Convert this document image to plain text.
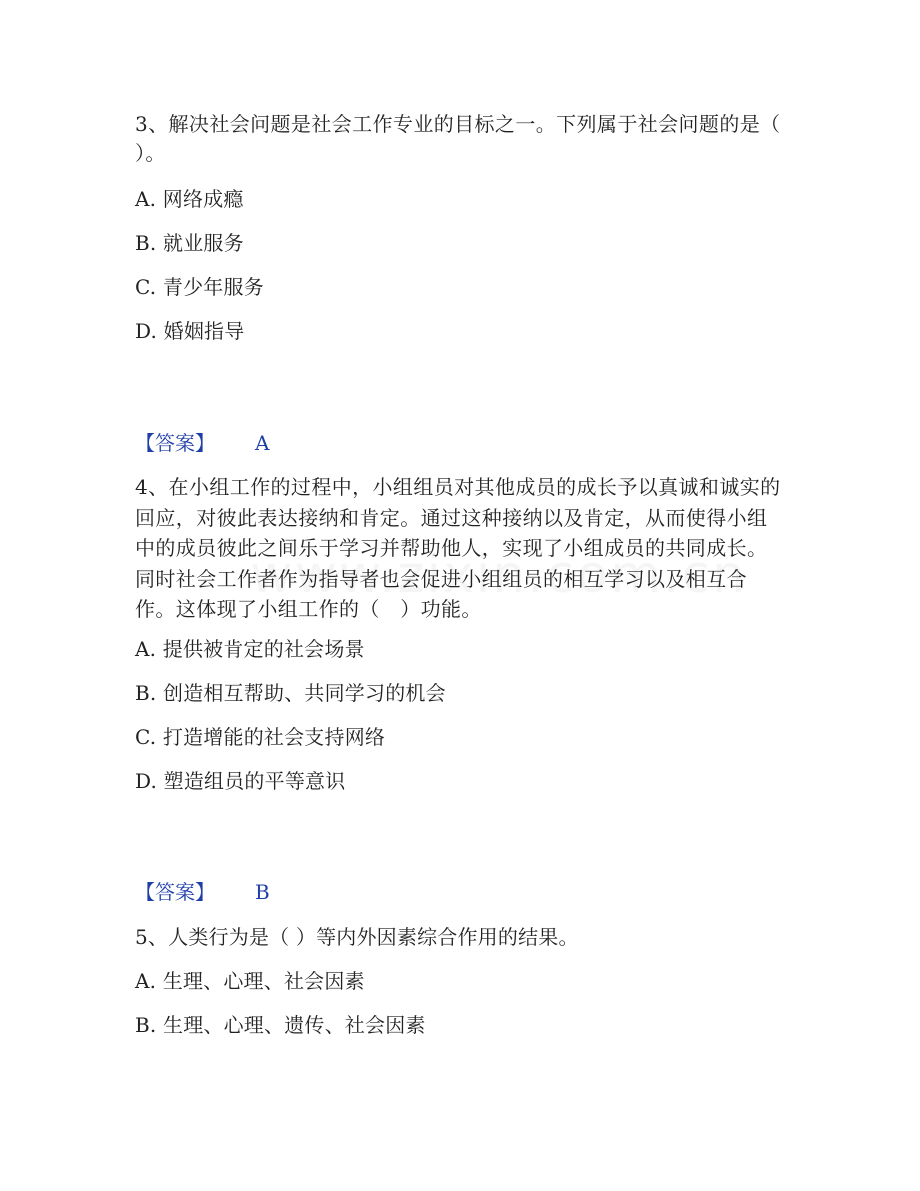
3、解决社会问题是社会工作专业的目标之一。下列属于社会问题的是（ ）。
A. 网络成瘾
B. 就业服务
C. 青少年服务
D. 婚姻指导
【答案】 A
4、在小组工作的过程中，小组组员对其他成员的成长予以真诚和诚实的回应，对彼此表达接纳和肯定。通过这种接纳以及肯定，从而使得小组中的成员彼此之间乐于学习并帮助他人，实现了小组成员的共同成长。同时社会工作者作为指导者也会促进小组组员的相互学习以及相互合作。这体现了小组工作的（　）功能。
A. 提供被肯定的社会场景
B. 创造相互帮助、共同学习的机会
C. 打造增能的社会支持网络
D. 塑造组员的平等意识
【答案】 B
5、人类行为是（ ）等内外因素综合作用的结果。
A. 生理、心理、社会因素
B. 生理、心理、遗传、社会因素
